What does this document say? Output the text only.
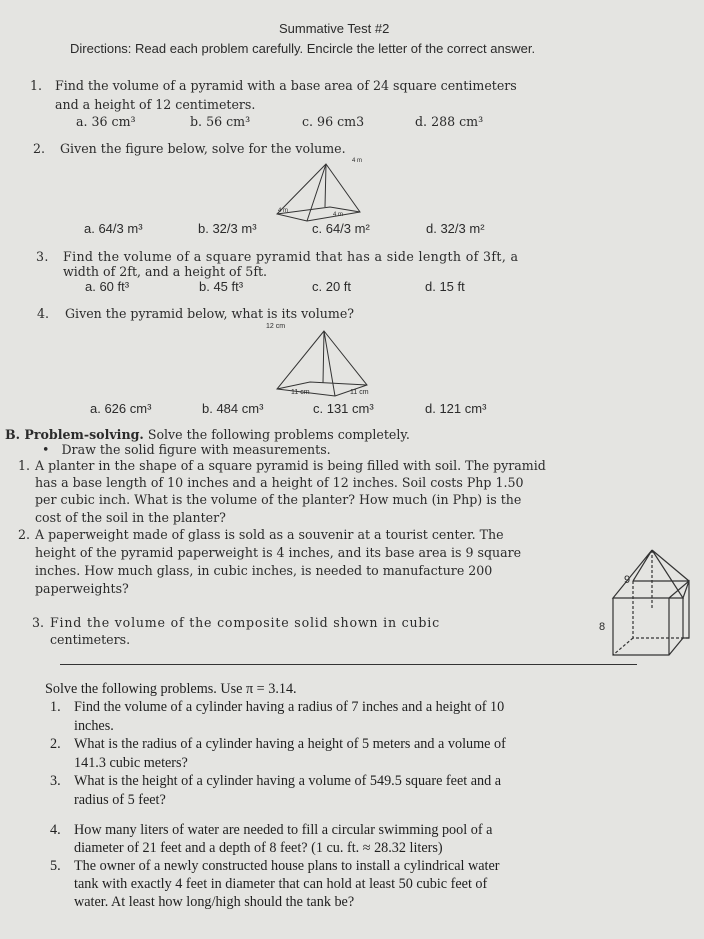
Summative Test #2
Directions: Read each problem carefully. Encircle the letter of the correct answer.
1. Find the volume of a pyramid with a base area of 24 square centimeters
and a height of 12 centimeters.
a. 36 cm³	b. 56 cm³	c. 96 cm3	d. 288 cm³
2. Given the figure below, solve for the volume.
4 m
4 m
4 m
a. 64/3 m³	b. 32/3 m³	c. 64/3 m²	d. 32/3 m²
3. Find the volume of a square pyramid that has a side length of 3ft, a
width of 2ft, and a height of 5ft.
a. 60 ft³	b. 45 ft³	c. 20 ft	d. 15 ft
4. Given the pyramid below, what is its volume?
12 cm
11 cm	11 cm
a. 626 cm³	b. 484 cm³	c. 131 cm³	d. 121 cm³
B. Problem-solving. Solve the following problems completely.
•   Draw the solid figure with measurements.
1. A planter in the shape of a square pyramid is being filled with soil. The pyramid
has a base length of 10 inches and a height of 12 inches. Soil costs Php 1.50
per cubic inch. What is the volume of the planter? How much (in Php) is the
cost of the soil in the planter?
2. A paperweight made of glass is sold as a souvenir at a tourist center. The
height of the pyramid paperweight is 4 inches, and its base area is 9 square
inches. How much glass, in cubic inches, is needed to manufacture 200
paperweights?
3. Find the volume of the composite solid shown in cubic
centimeters.
9
8
Solve the following problems. Use π = 3.14.
1. Find the volume of a cylinder having a radius of 7 inches and a height of 10
inches.
2. What is the radius of a cylinder having a height of 5 meters and a volume of
141.3 cubic meters?
3. What is the height of a cylinder having a volume of 549.5 square feet and a
radius of 5 feet?
4. How many liters of water are needed to fill a circular swimming pool of a
diameter of 21 feet and a depth of 8 feet? (1 cu. ft. ≈ 28.32 liters)
5. The owner of a newly constructed house plans to install a cylindrical water
tank with exactly 4 feet in diameter that can hold at least 50 cubic feet of
water. At least how long/high should the tank be?
